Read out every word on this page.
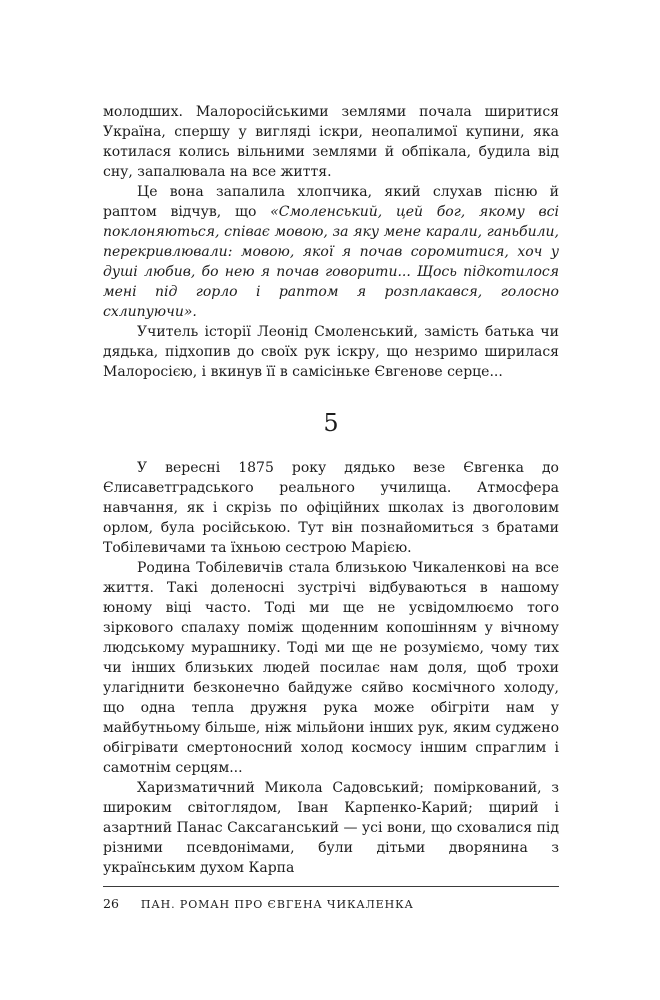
молодших. Малоросійськими землями почала ширитися Україна, спершу у вигляді іскри, неопалимої купини, яка котилася колись вільними землями й обпікала, будила від сну, запалювала на все життя.

Це вона запалила хлопчика, який слухав пісню й раптом відчув, що «Смоленський, цей бог, якому всі поклоняються, співає мовою, за яку мене карали, ганьбили, перекривлювали: мовою, якої я почав соромитися, хоч у душі любив, бо нею я почав говорити... Щось підкотилося мені під горло і раптом я розплакався, голосно схлипуючи».

Учитель історії Леонід Смоленський, замість батька чи дядька, підхопив до своїх рук іскру, що незримо ширилася Малоросією, і вкинув її в самісіньке Євгенове серце...

5

У вересні 1875 року дядько везе Євгенка до Єлисаветградського реального училища. Атмосфера навчання, як і скрізь по офіційних школах із двоголовим орлом, була російською. Тут він познайомиться з братами Тобілевичами та їхньою сестрою Марією.

Родина Тобілевичів стала близькою Чикаленкові на все життя. Такі доленосні зустрічі відбуваються в нашому юному віці часто. Тоді ми ще не усвідомлюємо того зіркового спалаху поміж щоденним копошінням у вічному людському мурашнику. Тоді ми ще не розуміємо, чому тих чи інших близьких людей посилає нам доля, щоб трохи улагіднити безконечно байдуже сяйво космічного холоду, що одна тепла дружня рука може обігріти нам у майбутньому більше, ніж мільйони інших рук, яким суджено обігрівати смертоносний холод космосу іншим спраглим і самотнім серцям...

Харизматичний Микола Садовський; поміркований, з широким світоглядом, Іван Карпенко-Карий; щирий і азартний Панас Саксаганський — усі вони, що сховалися під різними псевдонімами, були дітьми дворянина з українським духом Карпа

26 ПАН. РОМАН ПРО ЄВГЕНА ЧИКАЛЕНКА
